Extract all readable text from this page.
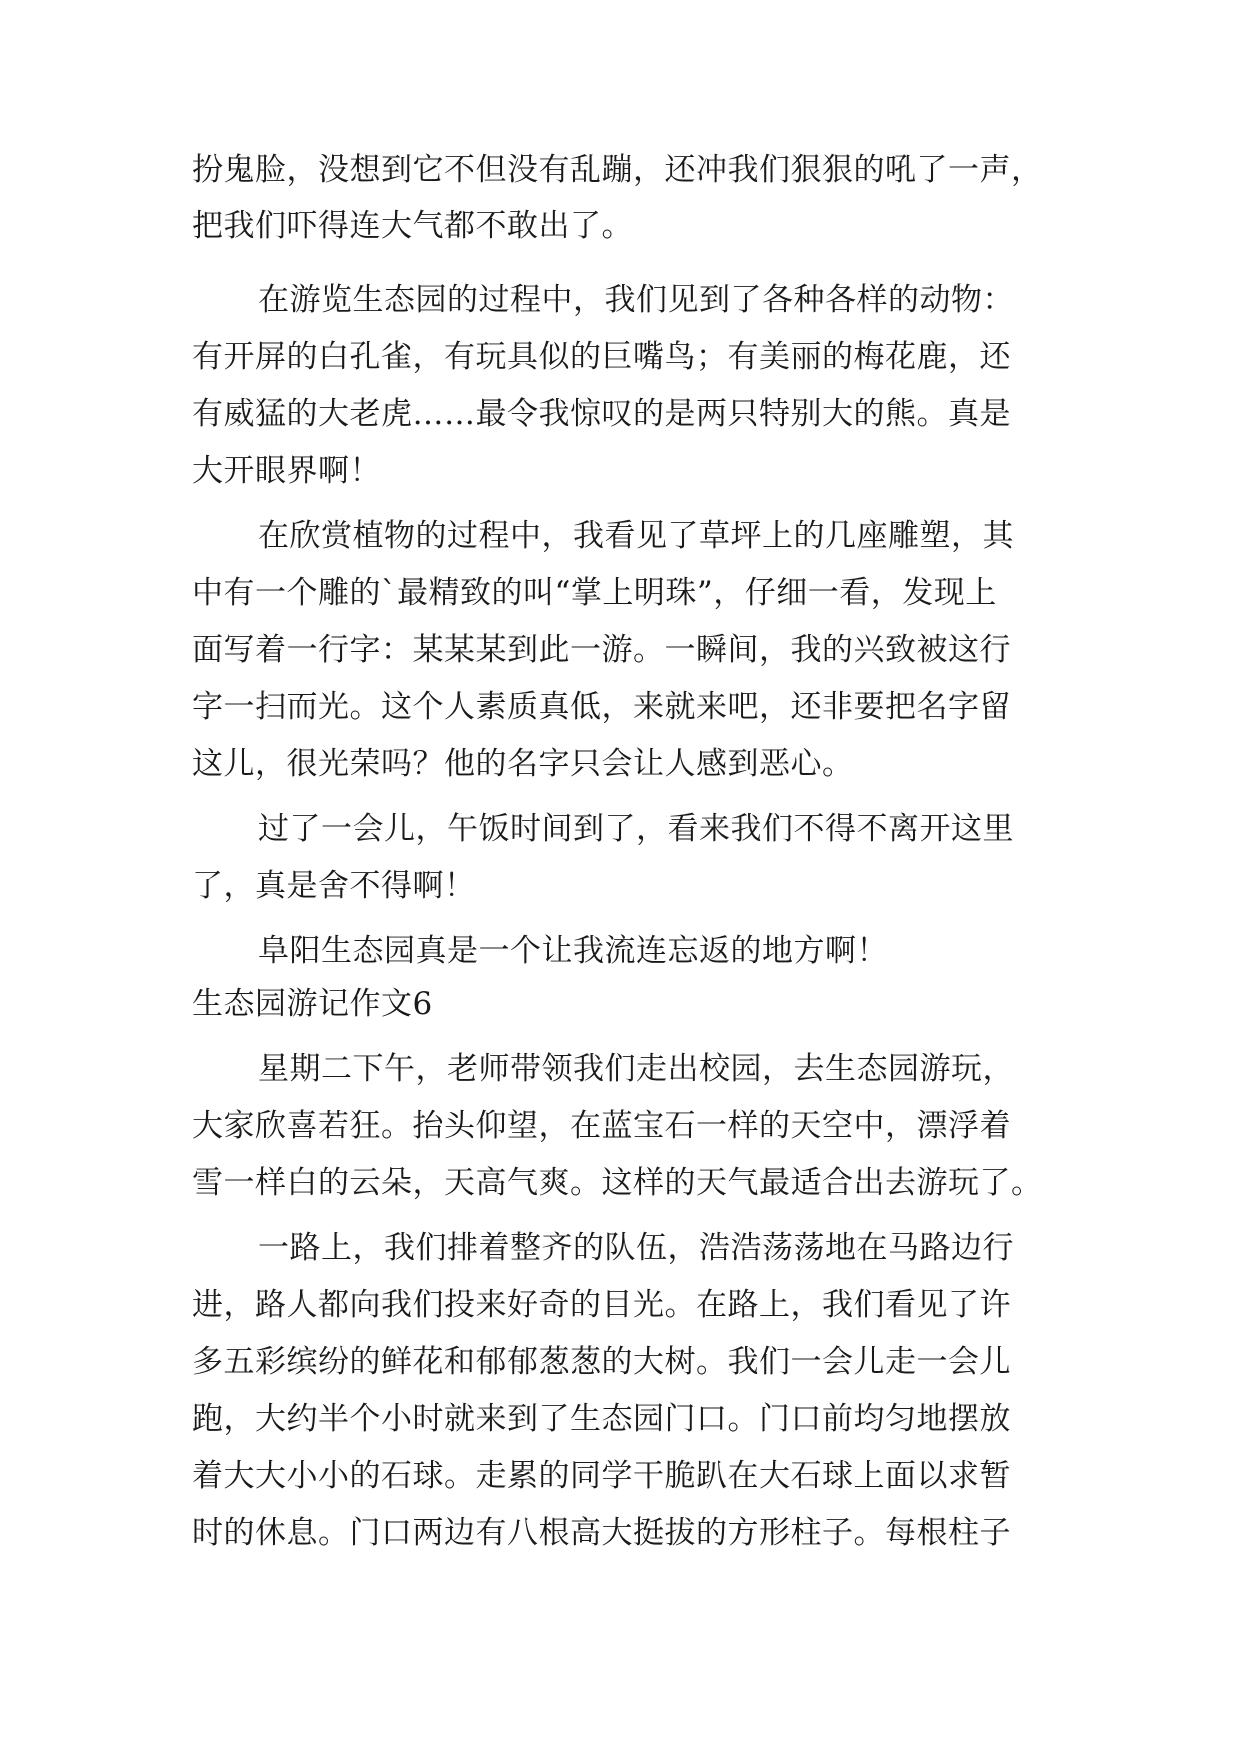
扮鬼脸，没想到它不但没有乱蹦，还冲我们狠狠的吼了一声，
把我们吓得连大气都不敢出了。
在游览生态园的过程中，我们见到了各种各样的动物：
有开屏的白孔雀，有玩具似的巨嘴鸟；有美丽的梅花鹿，还
有威猛的大老虎……最令我惊叹的是两只特别大的熊。真是
大开眼界啊！
在欣赏植物的过程中，我看见了草坪上的几座雕塑，其
中有一个雕的`最精致的叫“掌上明珠”，仔细一看，发现上
面写着一行字：某某某到此一游。一瞬间，我的兴致被这行
字一扫而光。这个人素质真低，来就来吧，还非要把名字留
这儿，很光荣吗？他的名字只会让人感到恶心。
过了一会儿，午饭时间到了，看来我们不得不离开这里
了，真是舍不得啊！
阜阳生态园真是一个让我流连忘返的地方啊！
生态园游记作文6
星期二下午，老师带领我们走出校园，去生态园游玩，
大家欣喜若狂。抬头仰望，在蓝宝石一样的天空中，漂浮着
雪一样白的云朵，天高气爽。这样的天气最适合出去游玩了。
一路上，我们排着整齐的队伍，浩浩荡荡地在马路边行
进，路人都向我们投来好奇的目光。在路上，我们看见了许
多五彩缤纷的鲜花和郁郁葱葱的大树。我们一会儿走一会儿
跑，大约半个小时就来到了生态园门口。门口前均匀地摆放
着大大小小的石球。走累的同学干脆趴在大石球上面以求暂
时的休息。门口两边有八根高大挺拔的方形柱子。每根柱子
